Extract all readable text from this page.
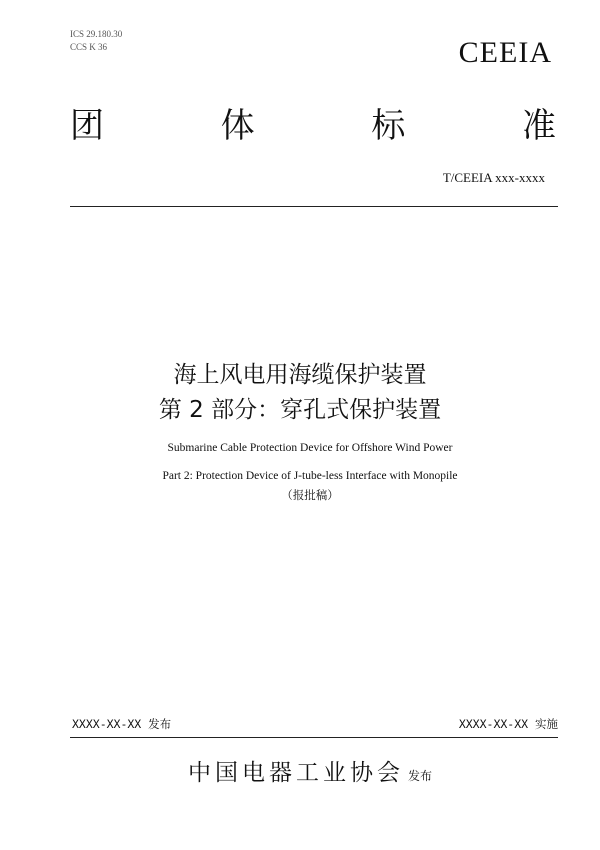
ICS 29.180.30
CCS K 36	CEEIA
团	体	标	准
T/CEEIA xxx-xxxx
海上风电用海缆保护装置
第 2 部分：穿孔式保护装置
Submarine Cable Protection Device for Offshore Wind Power
Part 2: Protection Device of J-tube-less Interface with Monopile
（报批稿）
XXXX-XX-XX 发布	XXXX-XX-XX 实施
中国电器工业协会 发布
